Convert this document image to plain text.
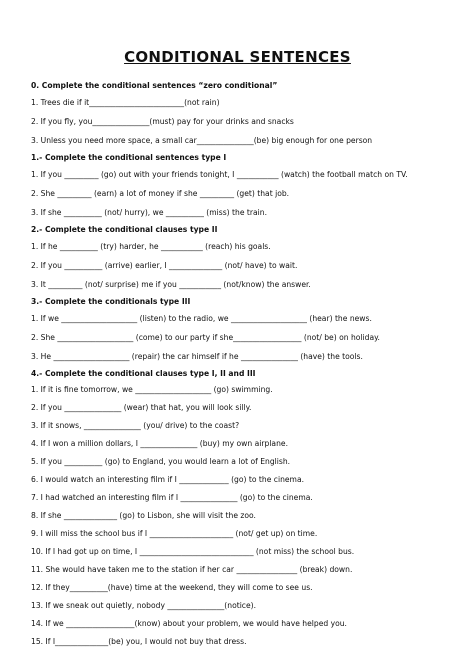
CONDITIONAL SENTENCES
0. Complete the conditional sentences “zero conditional”
1. Trees die if it_________________________(not rain)
2. If you fly, you_______________(must) pay for your drinks and snacks
3. Unless you need more space, a small car_______________(be) big enough for one person
1.- Complete the conditional sentences type I
1. If you _________ (go) out with your friends tonight, I ___________ (watch) the football match on TV.
2. She _________ (earn) a lot of money if she _________ (get) that job.
3. If she __________ (not/ hurry), we __________ (miss) the train.
2.- Complete the conditional clauses type II
1. If he __________ (try) harder, he ___________ (reach) his goals.
2. If you __________ (arrive) earlier, I ______________ (not/ have) to wait.
3. It _________ (not/ surprise) me if you ___________ (not/know) the answer.
3.- Complete the conditionals type III
1. If we ____________________ (listen) to the radio, we ____________________ (hear) the news.
2. She ____________________ (come) to our party if she__________________ (not/ be) on holiday.
3. He ____________________ (repair) the car himself if he _______________ (have) the tools.
4.- Complete the conditional clauses type I, II and III
1. If it is fine tomorrow, we ____________________ (go) swimming.
2. If you _______________ (wear) that hat, you will look silly.
3. If it snows, _______________ (you/ drive) to the coast?
4. If I won a million dollars, I _______________ (buy) my own airplane.
5. If you __________ (go) to England, you would learn a lot of English.
6. I would watch an interesting film if I _____________ (go) to the cinema.
7. I had watched an interesting film if I _______________ (go) to the cinema.
8. If she ______________ (go) to Lisbon, she will visit the zoo.
9. I will miss the school bus if I ______________________ (not/ get up) on time.
10. If I had got up on time, I ______________________________ (not miss) the school bus.
11. She would have taken me to the station if her car ________________ (break) down.
12. If they__________(have) time at the weekend, they will come to see us.
13. If we sneak out quietly, nobody _______________(notice).
14. If we __________________(know) about your problem, we would have helped you.
15. If I______________(be) you, I would not buy that dress.
